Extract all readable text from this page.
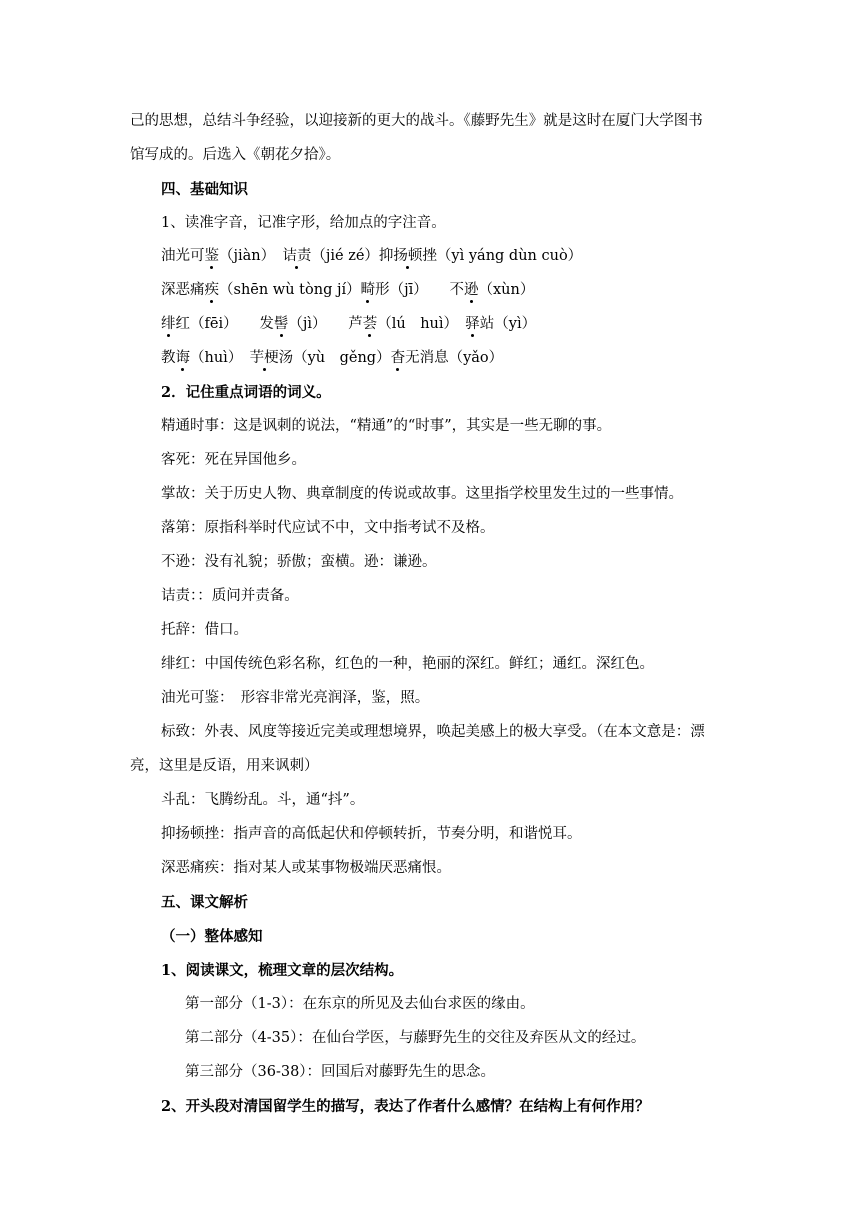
己的思想，总结斗争经验，以迎接新的更大的战斗。《藤野先生》就是这时在厦门大学图书
馆写成的。后选入《朝花夕拾》。
四、基础知识
1、读准字音，记准字形，给加点的字注音。
油光可鉴（jiàn）　诘责（jié zé）抑扬顿挫（yì yáng dùn cuò）
深恶痛疾（shēn wù tòng jí）畸形（jī）　　不逊（xùn）
绯红（fēi）　　发髻（jì）　　芦荟（lú　huì）　驿站（yì）
教诲（huì）　芋梗汤（yù　gěng）杳无消息（yǎo）
2．记住重点词语的词义。
精通时事：这是讽刺的说法，“精通”的“时事”，其实是一些无聊的事。
客死：死在异国他乡。
掌故：关于历史人物、典章制度的传说或故事。这里指学校里发生过的一些事情。
落第：原指科举时代应试不中，文中指考试不及格。
不逊：没有礼貌；骄傲；蛮横。逊：谦逊。
诘责：：质问并责备。
托辞：借口。
绯红：中国传统色彩名称，红色的一种，艳丽的深红。鲜红；通红。深红色。
油光可鉴：　形容非常光亮润泽，鉴，照。
标致：外表、风度等接近完美或理想境界，唤起美感上的极大享受。（在本文意是：漂
亮，这里是反语，用来讽刺）
斗乱：飞腾纷乱。斗，通“抖”。
抑扬顿挫：指声音的高低起伏和停顿转折，节奏分明，和谐悦耳。
深恶痛疾：指对某人或某事物极端厌恶痛恨。
五、课文解析
（一）整体感知
1、阅读课文，梳理文章的层次结构。
第一部分（1-3）：在东京的所见及去仙台求医的缘由。
第二部分（4-35）：在仙台学医，与藤野先生的交往及弃医从文的经过。
第三部分（36-38）：回国后对藤野先生的思念。
2、开头段对清国留学生的描写，表达了作者什么感情？在结构上有何作用？
